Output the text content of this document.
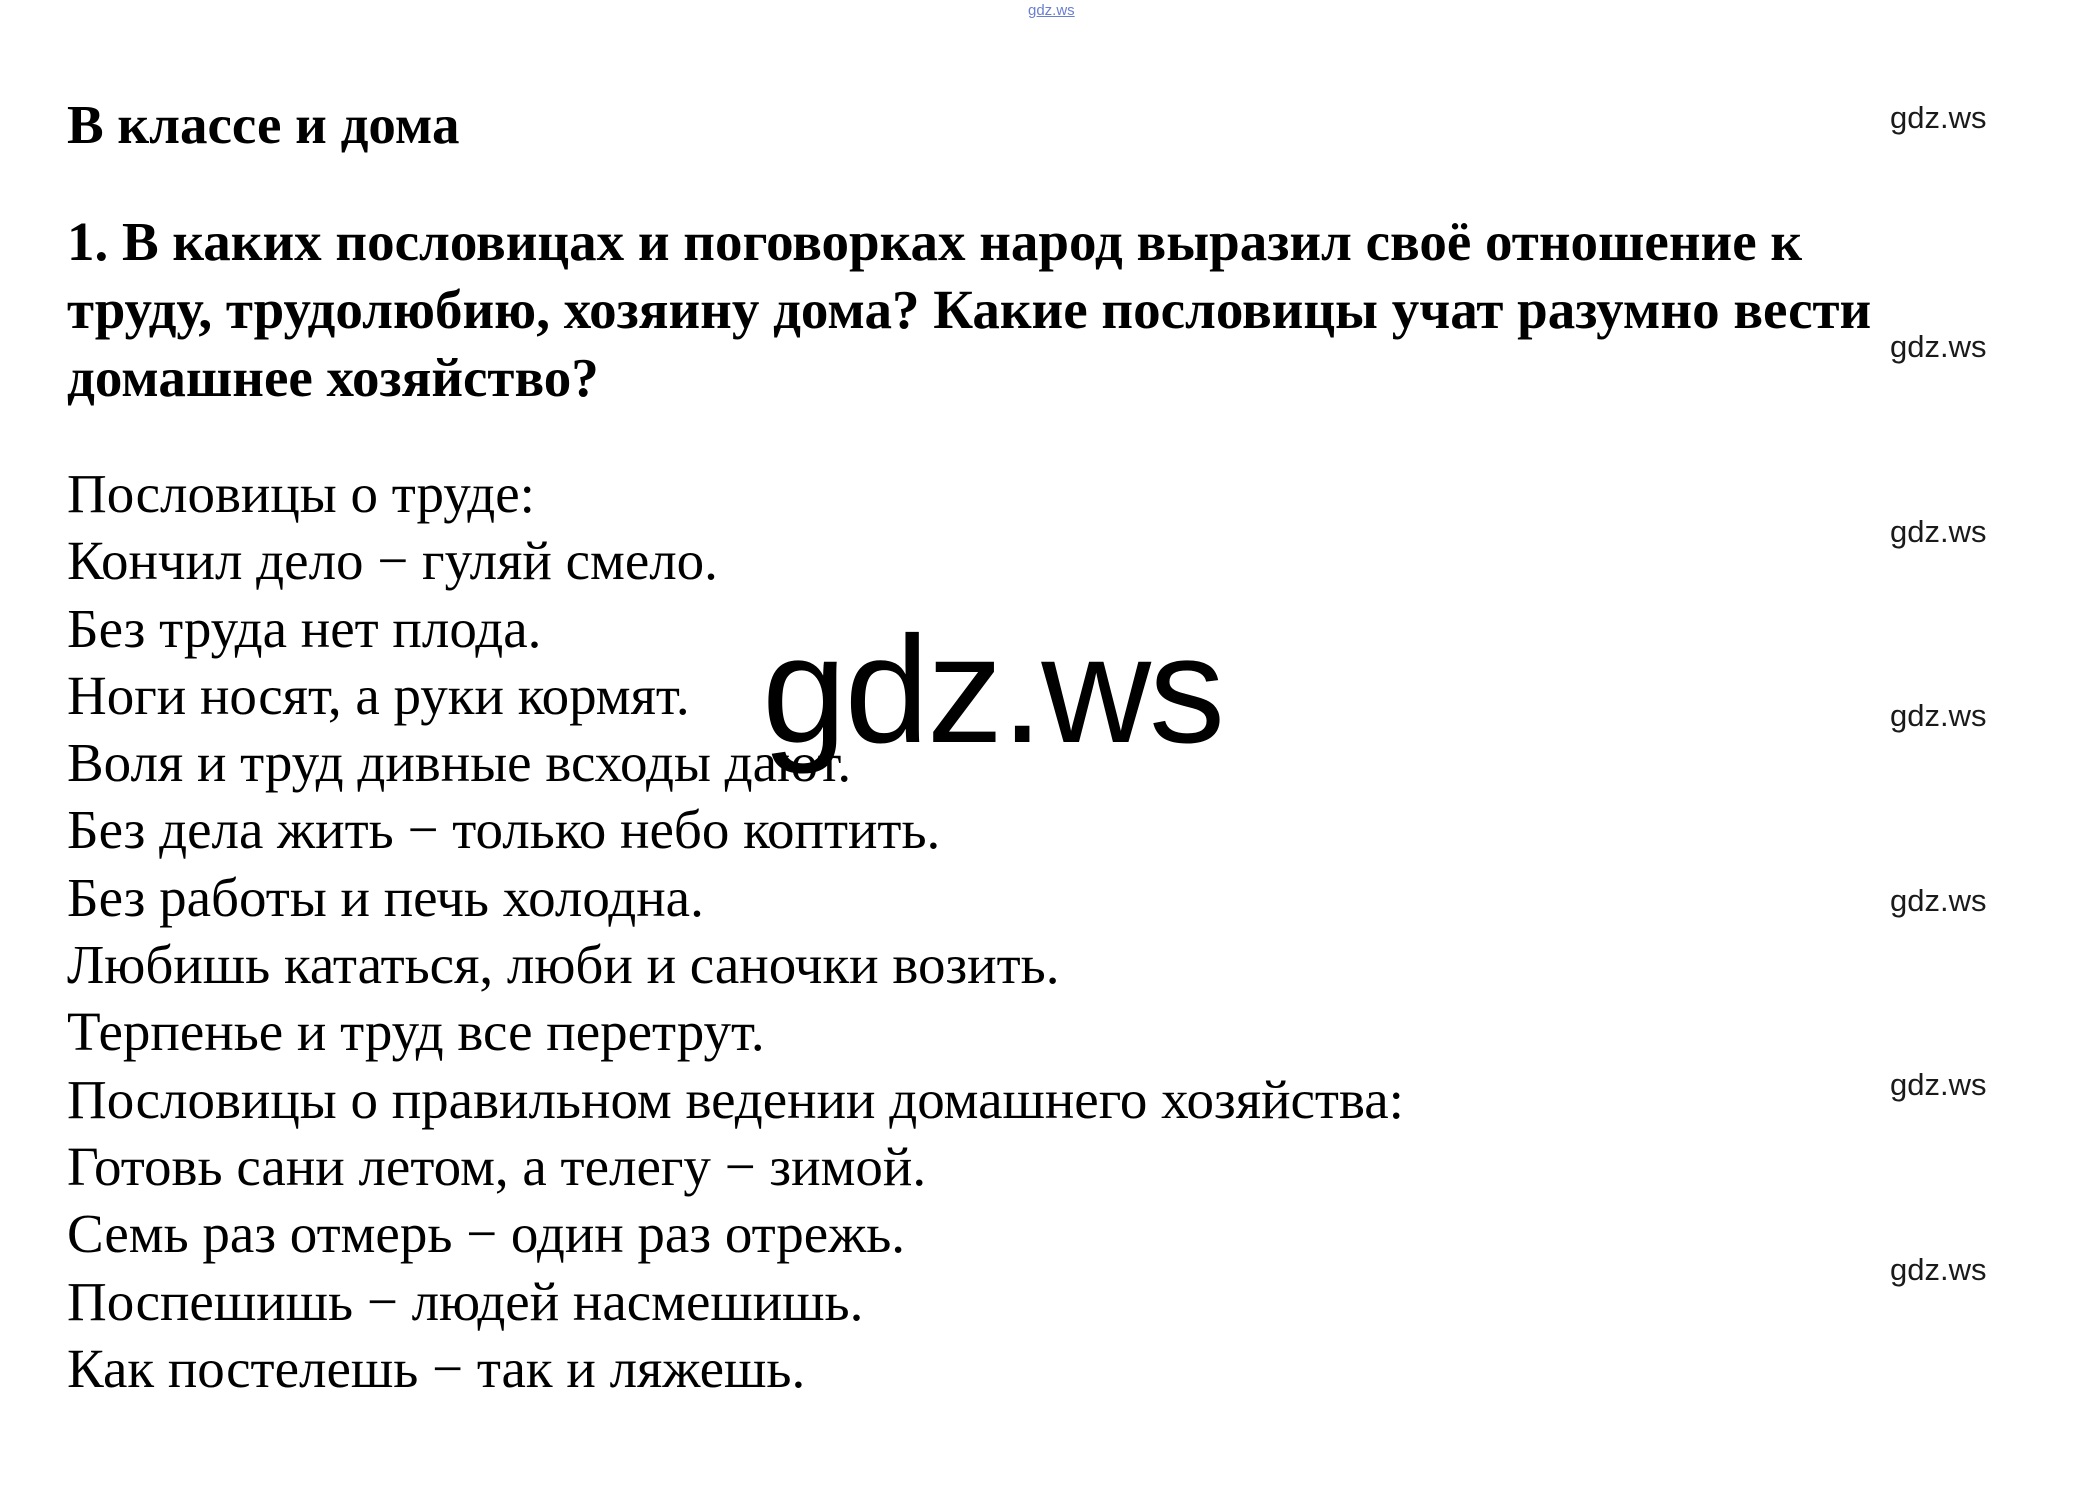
gdz.ws
В классе и дома
1. В каких пословицах и поговорках народ выразил своё отношение к
труду, трудолюбию, хозяину дома? Какие пословицы учат разумно вести
домашнее хозяйство?
Пословицы о труде:
Кончил дело − гуляй смело.
Без труда нет плода.
Ноги носят, а руки кормят.
Воля и труд дивные всходы дают.
Без дела жить − только небо коптить.
Без работы и печь холодна.
Любишь кататься, люби и саночки возить.
Терпенье и труд все перетрут.
Пословицы о правильном ведении домашнего хозяйства:
Готовь сани летом, а телегу − зимой.
Семь раз отмерь − один раз отрежь.
Поспешишь − людей насмешишь.
Как постелешь − так и ляжешь.
gdz.ws
gdz.ws
gdz.ws
gdz.ws
gdz.ws
gdz.ws
gdz.ws
gdz.ws
